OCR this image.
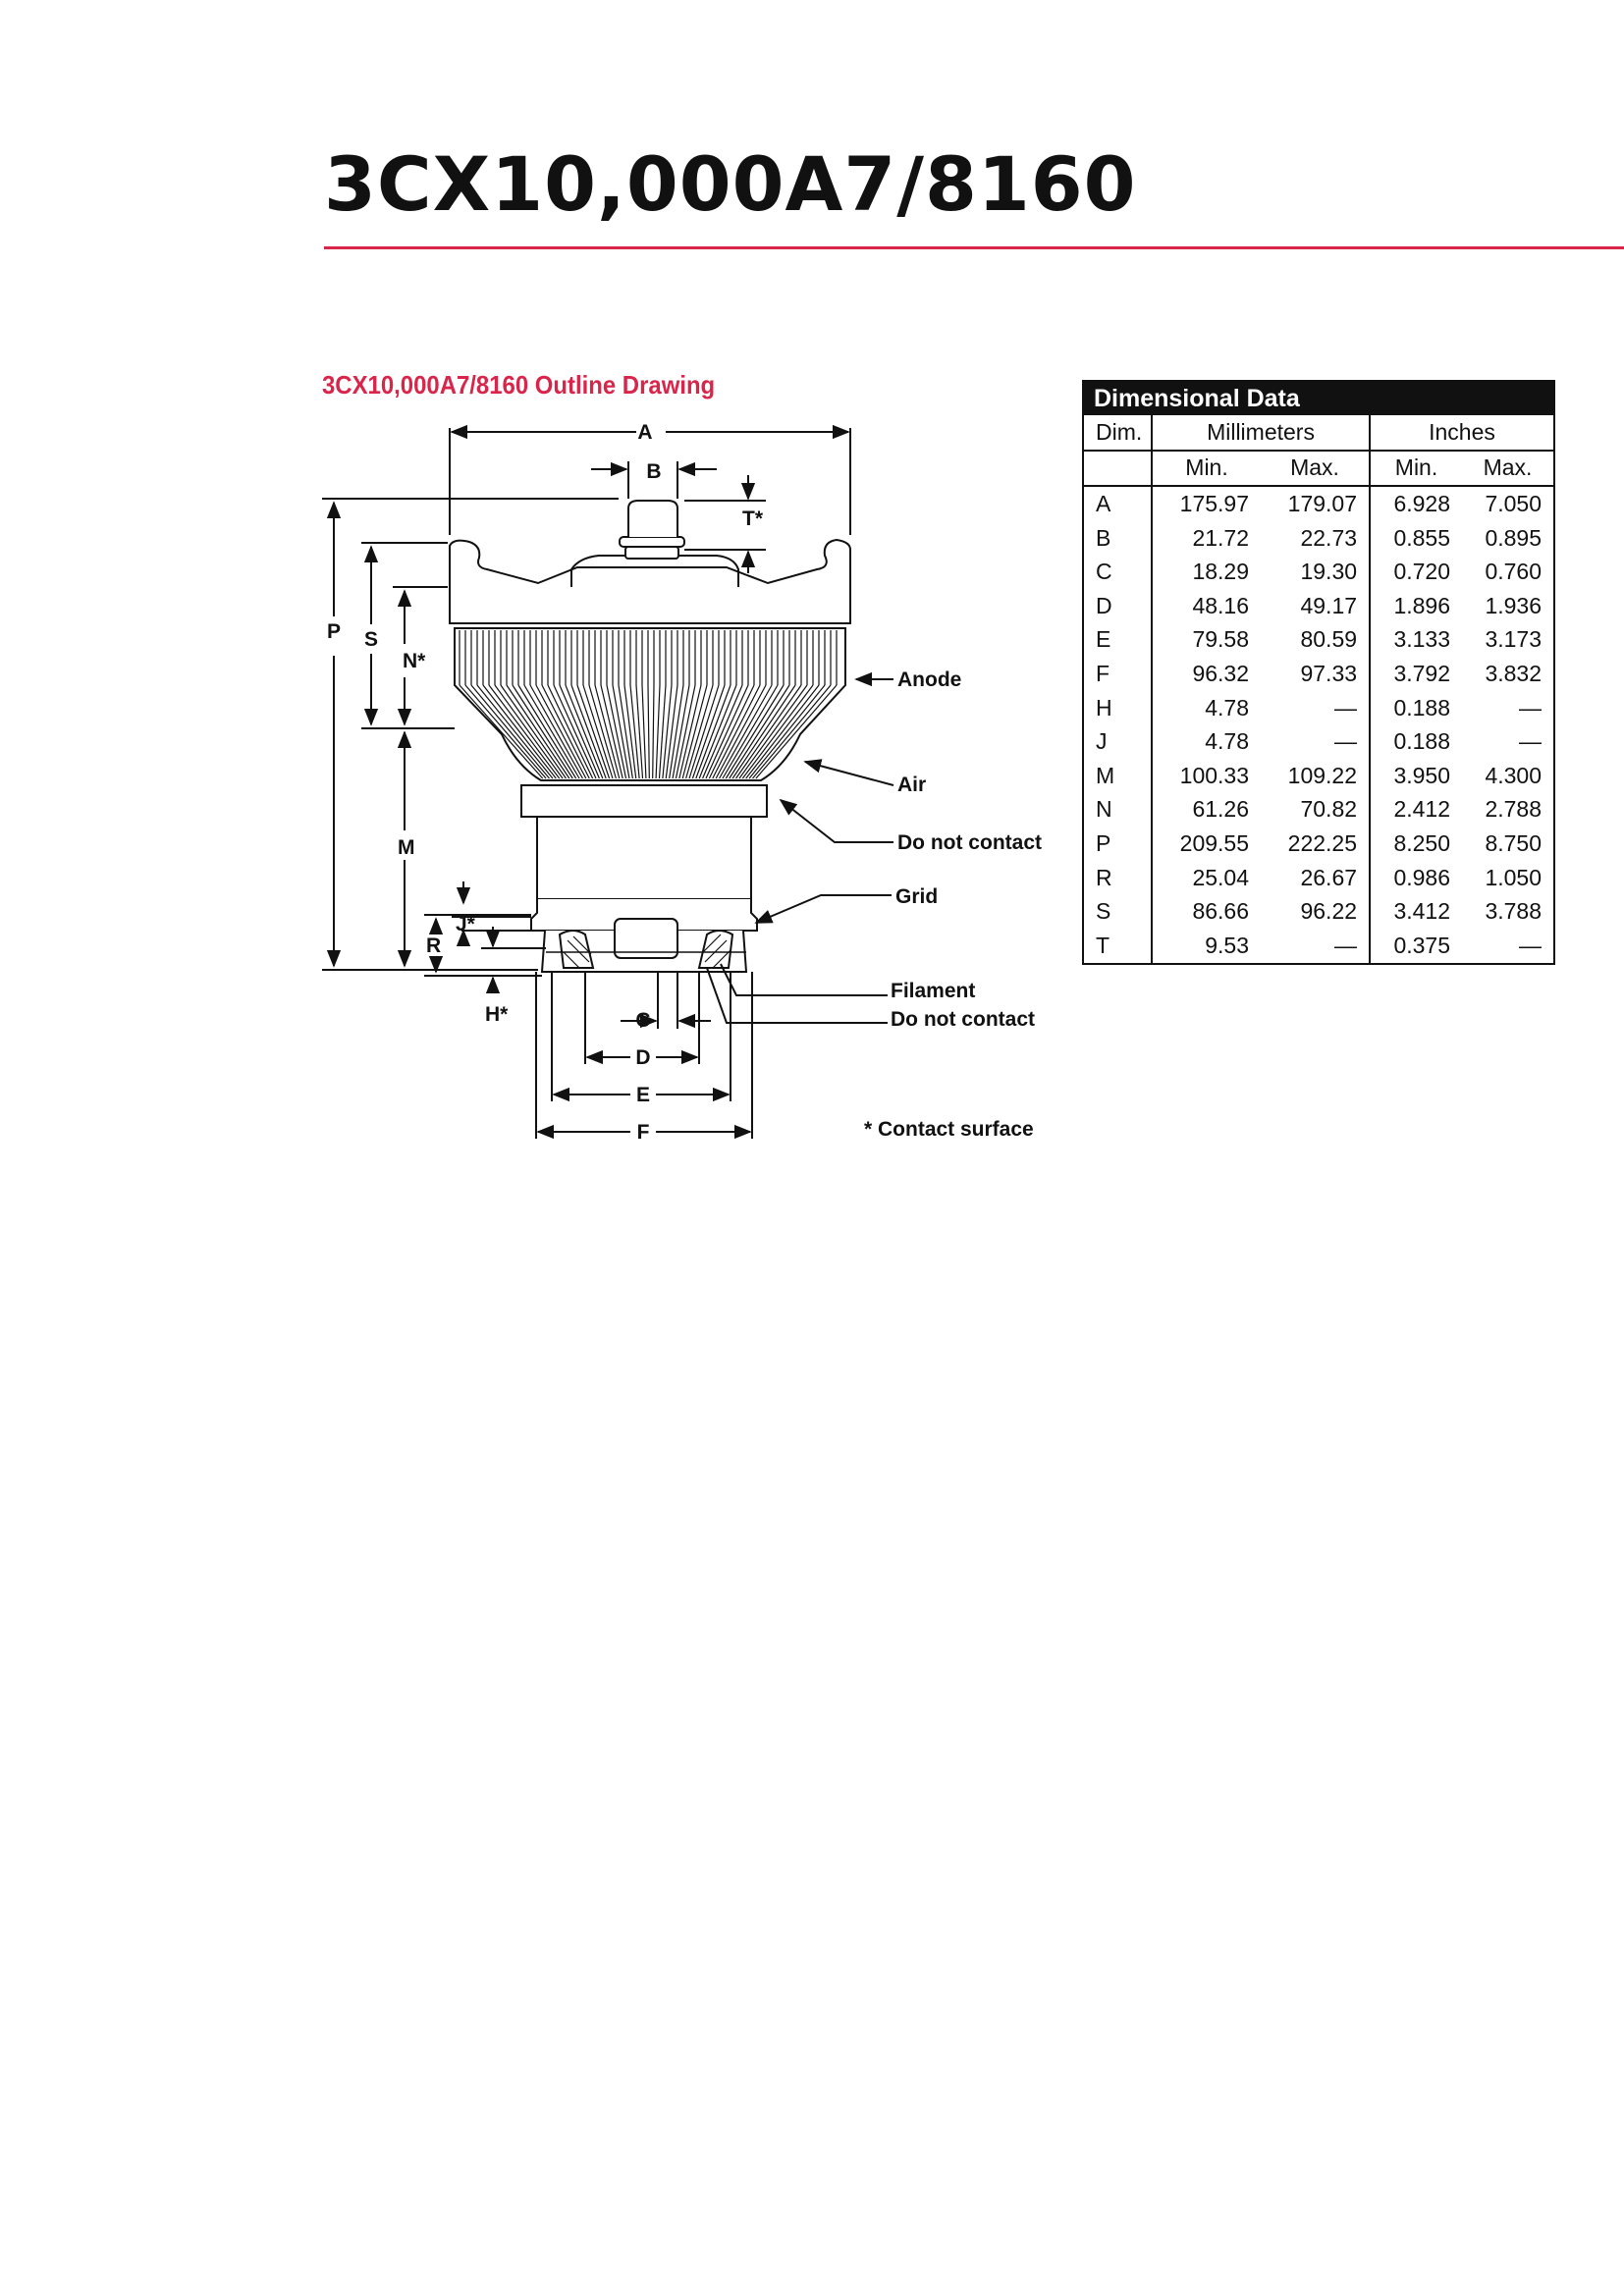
3CX10,000A7/8160
3CX10,000A7/8160 Outline Drawing
A
B
T*
P S
N*
M
J*
R
H*	C
D
E
F
Anode
Air
Do not contact
Grid
Filament
Do not contact
* Contact surface
Dimensional Data				
Dim.	Millimeters		Inches	
	Min.	Max.	Min.	Max.
A	175.97	179.07	6.928	7.050
B	21.72	22.73	0.855	0.895
C	18.29	19.30	0.720	0.760
D	48.16	49.17	1.896	1.936
E	79.58	80.59	3.133	3.173
F	96.32	97.33	3.792	3.832
H	4.78	—	0.188	—
J	4.78	—	0.188	—
M	100.33	109.22	3.950	4.300
N	61.26	70.82	2.412	2.788
P	209.55	222.25	8.250	8.750
R	25.04	26.67	0.986	1.050
S	86.66	96.22	3.412	3.788
T	9.53	—	0.375	—
